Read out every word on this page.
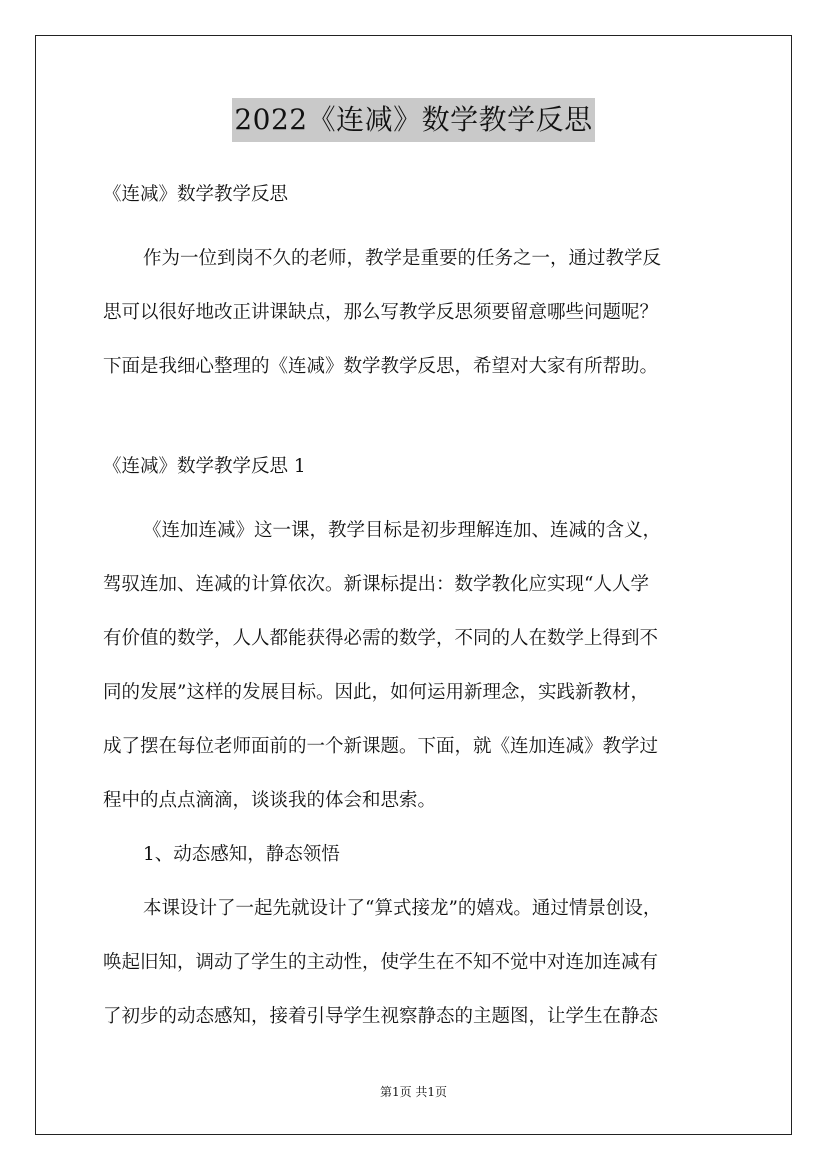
2022《连减》数学教学反思

《连减》数学教学反思

作为一位到岗不久的老师，教学是重要的任务之一，通过教学反
思可以很好地改正讲课缺点，那么写教学反思须要留意哪些问题呢？
下面是我细心整理的《连减》数学教学反思，希望对大家有所帮助。

《连减》数学教学反思 1

《连加连减》这一课，教学目标是初步理解连加、连减的含义，
驾驭连加、连减的计算依次。新课标提出：数学教化应实现“人人学
有价值的数学，人人都能获得必需的数学，不同的人在数学上得到不
同的发展”这样的发展目标。因此，如何运用新理念，实践新教材，
成了摆在每位老师面前的一个新课题。下面，就《连加连减》教学过
程中的点点滴滴，谈谈我的体会和思索。
1、动态感知，静态领悟
本课设计了一起先就设计了“算式接龙”的嬉戏。通过情景创设，
唤起旧知，调动了学生的主动性，使学生在不知不觉中对连加连减有
了初步的动态感知，接着引导学生视察静态的主题图，让学生在静态

第1页 共1页
